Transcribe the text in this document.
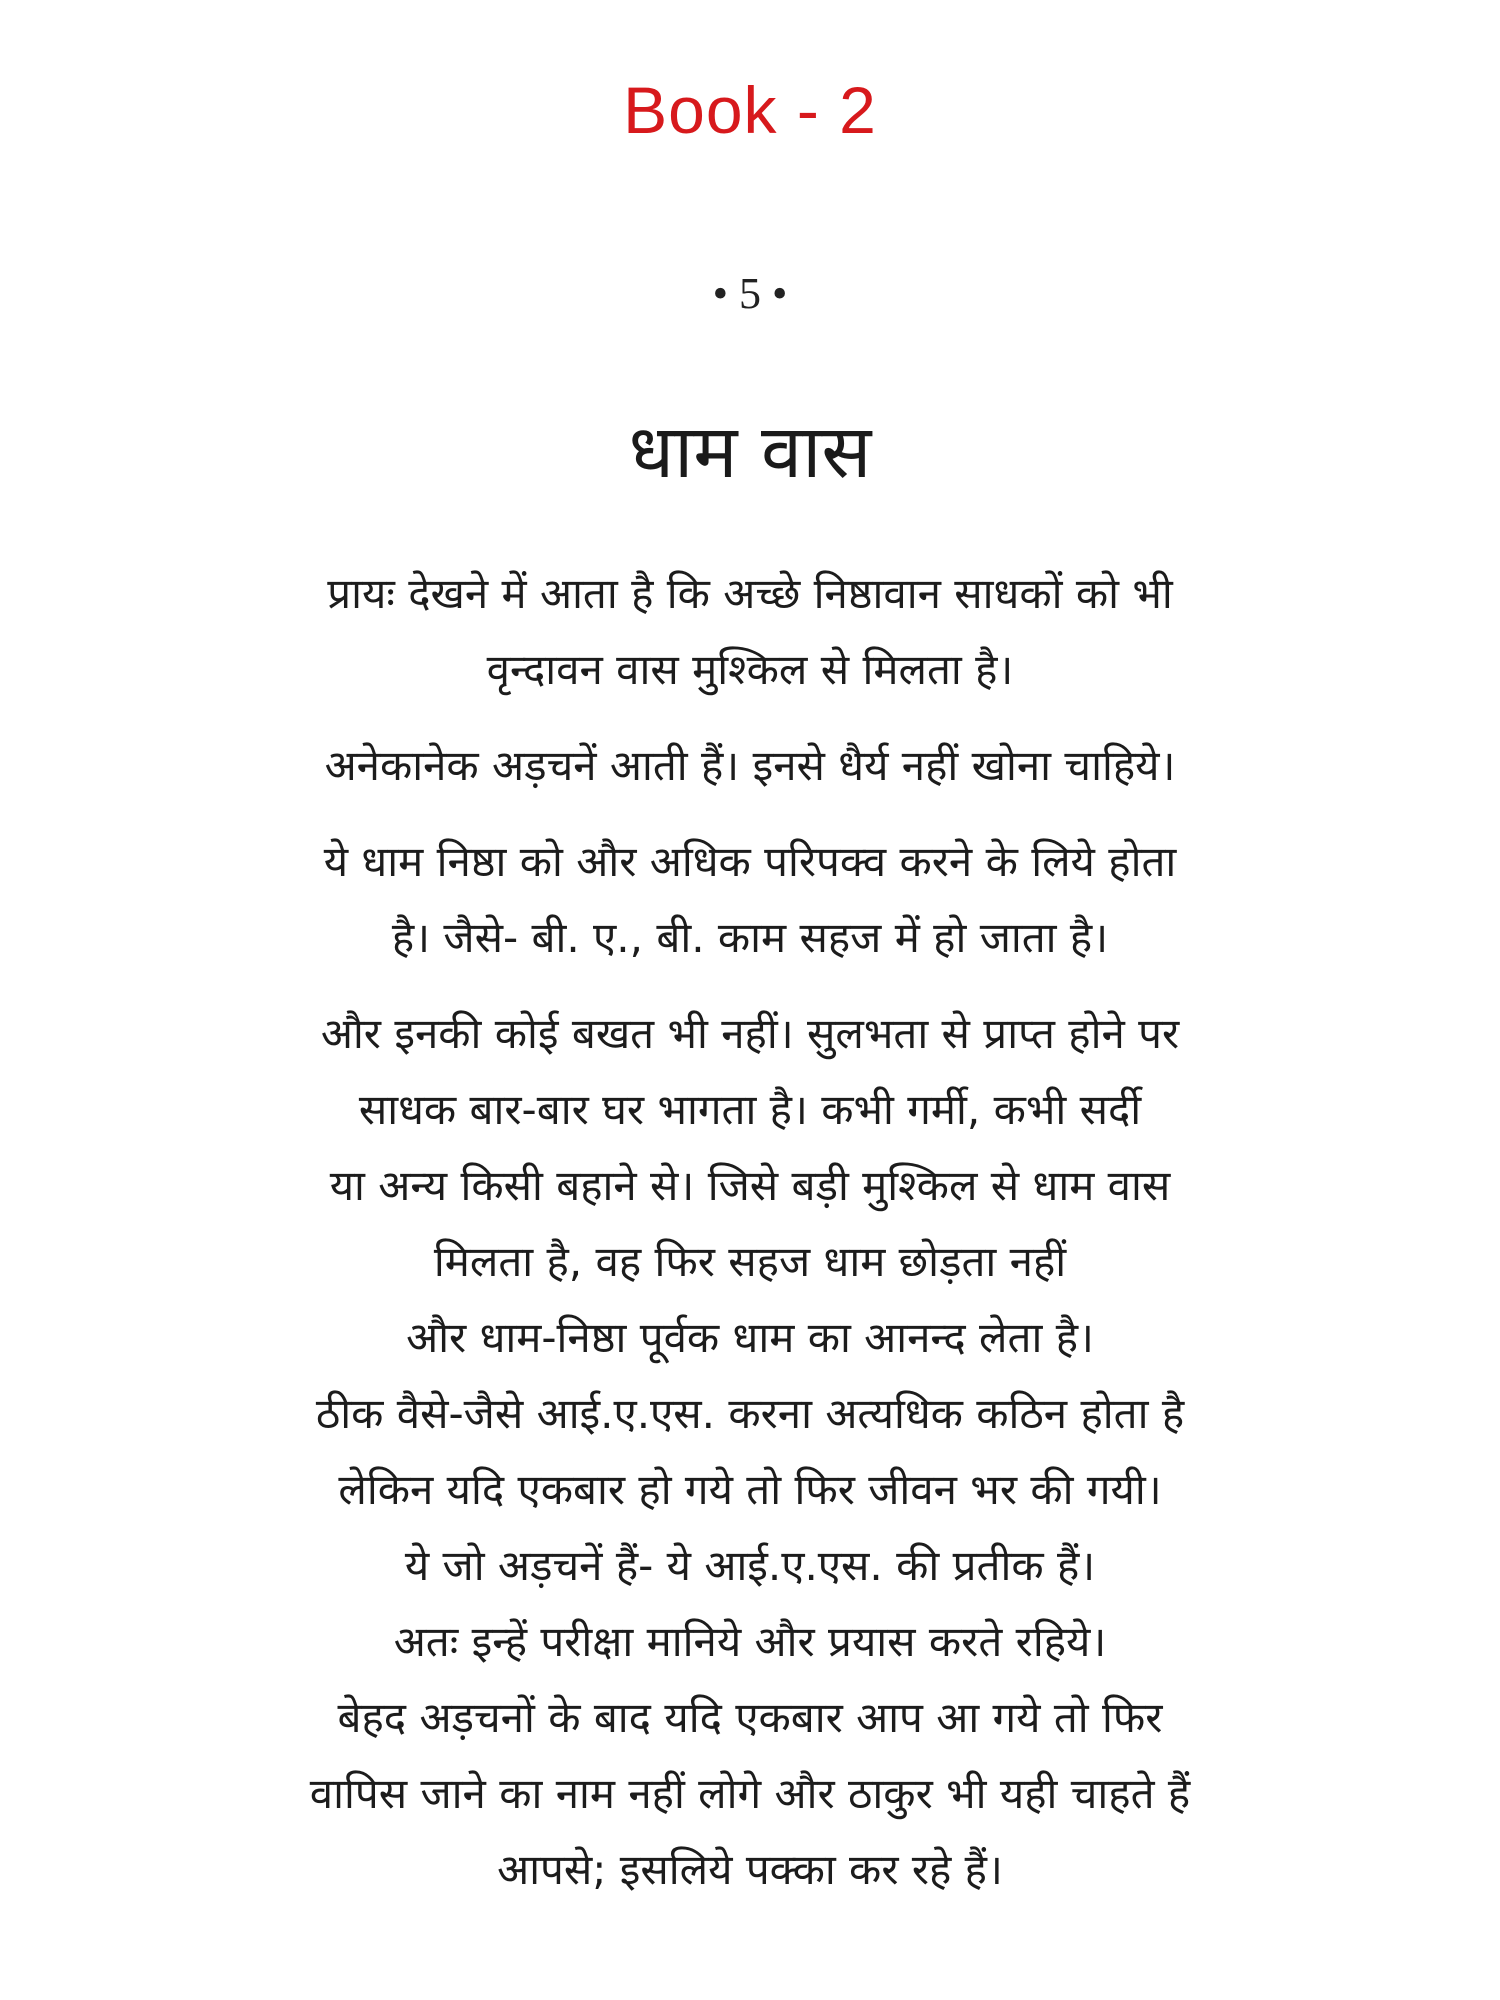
Book - 2
• 5 •
धाम वास
प्रायः देखने में आता है कि अच्छे निष्ठावान साधकों को भी
वृन्दावन वास मुश्किल से मिलता है।
अनेकानेक अड़चनें आती हैं। इनसे धैर्य नहीं खोना चाहिये।
ये धाम निष्ठा को और अधिक परिपक्व करने के लिये होता
है। जैसे- बी. ए., बी. काम सहज में हो जाता है।
और इनकी कोई बखत भी नहीं। सुलभता से प्राप्त होने पर
साधक बार-बार घर भागता है। कभी गर्मी, कभी सर्दी
या अन्य किसी बहाने से। जिसे बड़ी मुश्किल से धाम वास
मिलता है, वह फिर सहज धाम छोड़ता नहीं
और धाम-निष्ठा पूर्वक धाम का आनन्द लेता है।
ठीक वैसे-जैसे आई.ए.एस. करना अत्यधिक कठिन होता है
लेकिन यदि एकबार हो गये तो फिर जीवन भर की गयी।
ये जो अड़चनें हैं- ये आई.ए.एस. की प्रतीक हैं।
अतः इन्हें परीक्षा मानिये और प्रयास करते रहिये।
बेहद अड़चनों के बाद यदि एकबार आप आ गये तो फिर
वापिस जाने का नाम नहीं लोगे और ठाकुर भी यही चाहते हैं
आपसे; इसलिये पक्का कर रहे हैं।
